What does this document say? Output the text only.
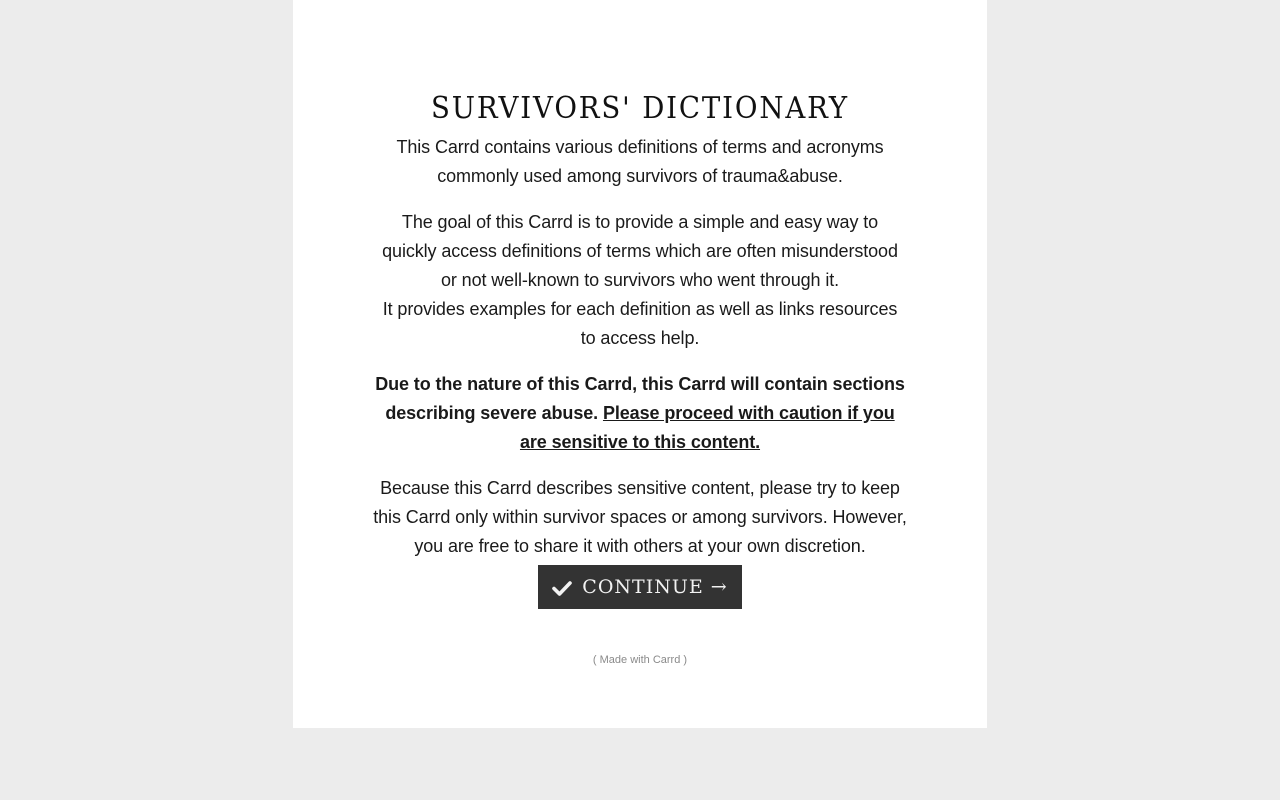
SURVIVORS' DICTIONARY

This Carrd contains various definitions of terms and acronyms commonly used among survivors of trauma&abuse.

The goal of this Carrd is to provide a simple and easy way to quickly access definitions of terms which are often misunderstood or not well-known to survivors who went through it.
It provides examples for each definition as well as links resources to access help.

Due to the nature of this Carrd, this Carrd will contain sections describing severe abuse. Please proceed with caution if you are sensitive to this content.

Because this Carrd describes sensitive content, please try to keep this Carrd only within survivor spaces or among survivors. However, you are free to share it with others at your own discretion.

CONTINUE →
( Made with Carrd )
